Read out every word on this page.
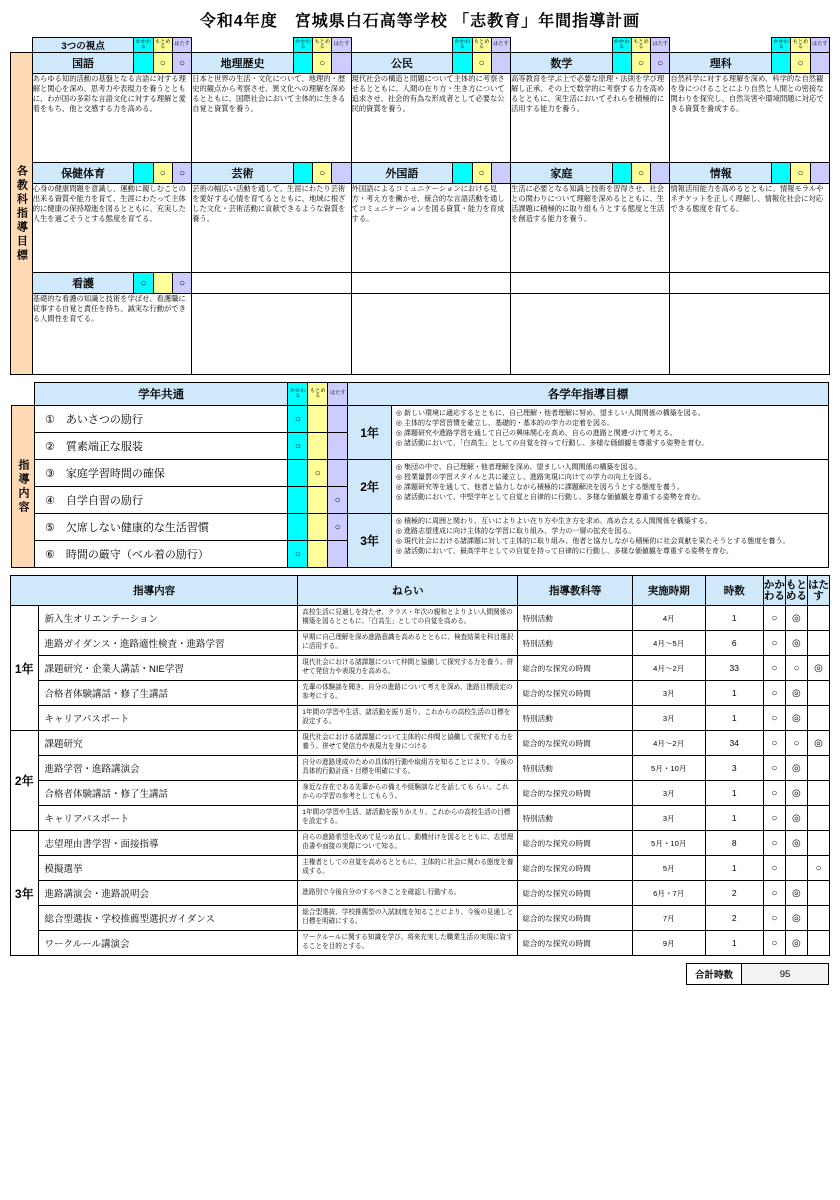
令和4年度　宮城県白石高等学校 「志教育」年間指導計画
	3つの視点	かかわる	もとめる	はたす		かかわる	もとめる	はたす		かかわる	もとめる	はたす		かかわる	もとめる	はたす		かかわる	もとめる	はたす

各教科指導目標	国語		○	○	地理歴史		○		公民		○		数学		○	○	理科		○	
	あらゆる知的活動の基盤となる言語に対する理解と関心を深め、思考力や表現力を養うとともに、わが国の多彩な言語文化に対する理解と愛着をもち、他と交感する力を高める。				日本と世界の生活・文化について、地理的・歴史的観点から考察させ、異文化への理解を深めるとともに、国際社会において主体的に生きる自覚と資質を養う。				現代社会の構造と問題について主体的に考察させるとともに、人間の在り方・生き方について追求させ、社会的有為な形成者として必要な公民的資質を養う。				高等教育を学ぶ上で必要な原理・法則を学び理解し正承、その上で数学的に考察する力を高めるとともに、実生活においてそれらを積極的に活用する能力を養う。				自然科学に対する理解を深め、科学的な自然観を身につけることにより自然と人間との密接な関わりを探究し、自然災害や環境問題に対応できる資質を養成する。			
	保健体育		○	○	芸術		○		外国語		○		家庭		○		情報		○	
	心身の健康問題を意識し、運動に親しむことの出来る資質や能力を育て、生涯にわたって主体的に健康の保持増進を図るとともに、充実した人生を過ごそうとする態度を育てる。				芸術の幅広い活動を通して、生涯にわたり芸術を愛好する心情を育てるとともに、地域に根ざした文化・芸術活動に貢献できるような資質を養う。				外国語によるコミュニケーションにおける見方・考え方を働かせ、統合的な言語活動を通してコミュニケーションを図る資質・能力を育成する。				生活に必要となる知識と技術を習得させ、社会との関わりについて理解を深めるとともに、生活課題に積極的に取り組もうとする態度と生活を創造する能力を養う。				情報活用能力を高めるとともに、情報モラルやネチケットを正しく理解し、情報化社会に対応できる態度を育てる。			
	看護	○		○																
	基礎的な看護の知識と技術を学ばせ、看護職に従事する自覚と責任を持ち、誠実な行動ができる人間性を育てる。																			
	学年共通	かかわる	もとめる	はたす	各学年指導目標	

指導内容	①　あいさつの励行	○			1年	◎ 新しい環境に適応するとともに、自己理解・他者理解に努め、望ましい人間関係の構築を図る。
◎ 主体的な学習習慣を確立し、基礎的・基本的の学力の定着を図る。
◎ 課題研究や進路学習を通して自己の興味関心を高め、自らの進路と関連づけて考える。
◎ 諸活動において、「白高生」としての自覚を持って行動し、多様な価値観を尊重する姿勢を育む。

	②　質素端正な服装	○				
	③　家庭学習時間の確保		○		2年	◎ 集団の中で、自己理解・他者理解を深め、望ましい人間関係の構築を図る。
◎ 授業量質の学習スタイルと共に確立し、進路実現に向けての学力の向上を図る。
◎ 課題研究等を通して、他者と協力しながら積極的に課題解決を図ろうとする態度を養う。
◎ 諸活動において、中堅学年として自覚と自律的に行動し、多様な価値観を尊重する姿勢を育む。

	④　自学自習の励行			○		
	⑤　欠席しない健康的な生活習慣			○	3年	◎ 積極的に周囲と関わり、互いによりよい在り方や生き方を求め、高め合える人間関係を構築する。
◎ 進路志望達成に向け主体的な学習に取り組み、学力の一層の拡充を図る。
◎ 現代社会における諸課題に対して主体的に取り組み、他者と協力しながら積極的に社会貢献を果たそうとする態度を養う。
◎ 諸活動において、最高学年としての自覚を持って自律的に行動し、多様な価値観を尊重する姿勢を育む。

	⑥　時間の厳守（ベル着の励行）	○				
指導内容		ねらい	指導教科等	実施時期	時数	かかわる	もとめる	はたす
1年	新入生オリエンテーション	高校生活に見通しを持たせ、クラス・年次の親和とよりよい人間関係の構築を図るとともに、「白高生」としての自覚を高める。	特別活動	4月	1	○	◎	
	進路ガイダンス・進路適性検査・進路学習	早期に自己理解を深め進路意識を高めるとともに、検査結果を科目選択に活用する。	特別活動	4月～5月	6	○	◎	
	課題研究・企業人講話・NIE学習	現代社会における諸課題について仲間と協働して探究する力を養う。併せて発信力や表現力を高める。	総合的な探究の時間	4月～2月	33	○	○	◎
	合格者体験講話・修了生講話	先輩の体験談を聞き、自分の進路について考えを深め、進路目標設定の参考にする。	総合的な探究の時間	3月	1	○	◎	
	キャリアパスポート	1年間の学習や生活、諸活動を振り返り、これからの高校生活の目標を設定する。	特別活動	3月	1	○	◎	
2年	課題研究	現代社会における諸課題について主体的に仲間と協働して探究する力を養う。併せて発信力や表現力を身につける	総合的な探究の時間	4月～2月	34	○	○	◎
	進路学習・進路講演会	自分の進路達成のための具体的行動や取組方を知ることにより、今後の具体的行動計画・目標を明確にする。	特別活動	5月・10月	3	○	◎	
	合格者体験講話・修了生講話	身近な存在である先輩からの備えや経験談などを話しても らい、これからの学習の参考としてもらう。	総合的な探究の時間	3月	1	○	◎	
	キャリアパスポート	1年間の学習や生活、諸活動を振りかえり、これからの高校生活の目標を設定する。	特別活動	3月	1	○	◎	
3年	志望理由書学習・面接指導	自らの進路希望を改めて見つめ直し、動機付けを図るとともに、志望理由書や面接の実際について知る。	総合的な探究の時間	5月・10月	8	○	◎	
	模擬選挙	主権者としての自覚を高めるとともに、主体的に社会に関わる態度を養成する。	総合的な探究の時間	5月	1	○		○
	進路講演会・進路説明会	進路別で今後自分のするべきことを確認し行動する。	総合的な探究の時間	6月・7月	2	○	◎	
	総合型選抜・学校推薦型選択ガイダンス	総合型選抜、学校推薦型の入試制度を知ることにより、今後の見通しと目標を明確にする。	総合的な探究の時間	7月	2	○	◎	
	ワークルール講演会	ワークルールに関する知識を学び、将来充実した職業生活の実現に資することを目的とする。	総合的な探究の時間	9月	1	○	◎	
合計時数	95
